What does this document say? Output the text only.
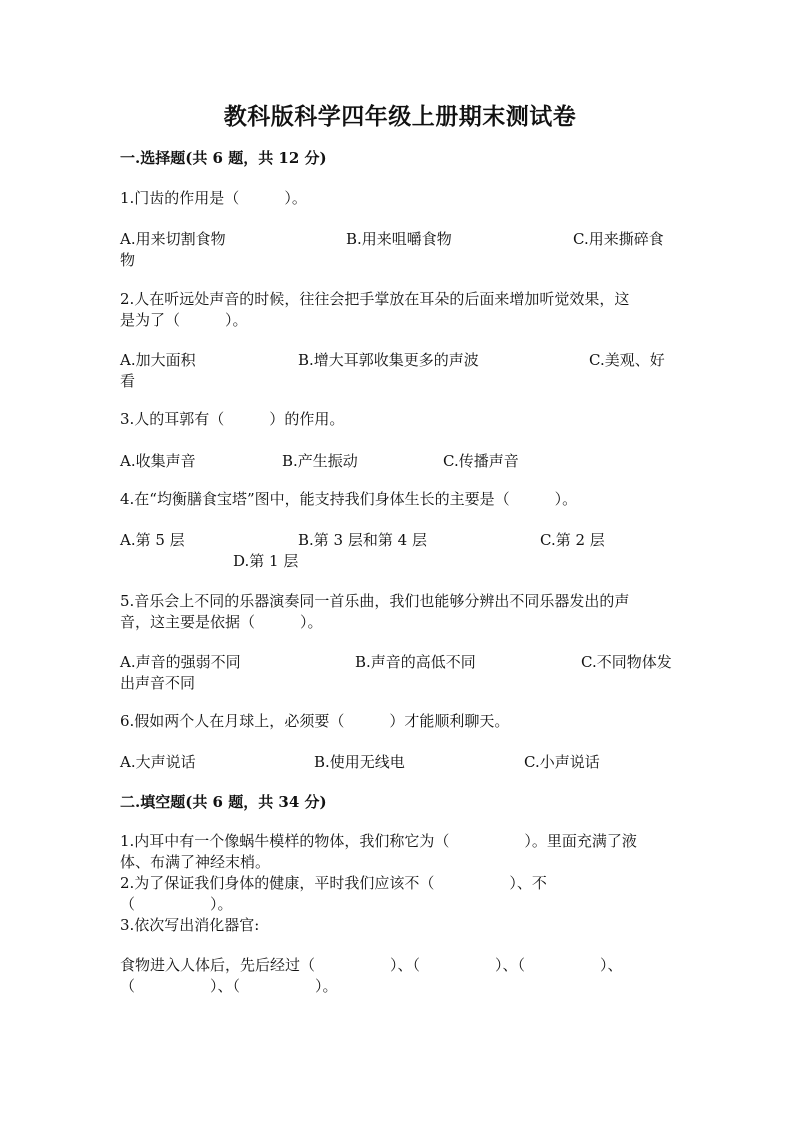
教科版科学四年级上册期末测试卷
一.选择题(共 6 题，共 12 分)
1.门齿的作用是（　　　）。
A.用来切割食物	B.用来咀嚼食物	C.用来撕碎食
物
2.人在听远处声音的时候，往往会把手掌放在耳朵的后面来增加听觉效果，这
是为了（　　　）。
A.加大面积	B.增大耳郭收集更多的声波	C.美观、好
看
3.人的耳郭有（　　　）的作用。
A.收集声音	B.产生振动	C.传播声音
4.在“均衡膳食宝塔”图中，能支持我们身体生长的主要是（　　　）。
A.第 5 层	B.第 3 层和第 4 层	C.第 2 层
D.第 1 层
5.音乐会上不同的乐器演奏同一首乐曲，我们也能够分辨出不同乐器发出的声
音，这主要是依据（　　　）。
A.声音的强弱不同	B.声音的高低不同	C.不同物体发
出声音不同
6.假如两个人在月球上，必须要（　　　）才能顺利聊天。
A.大声说话	B.使用无线电	C.小声说话
二.填空题(共 6 题，共 34 分)
1.内耳中有一个像蜗牛模样的物体，我们称它为（　　　　　）。里面充满了液
体、布满了神经末梢。
2.为了保证我们身体的健康，平时我们应该不（　　　　　）、不
（　　　　　）。
3.依次写出消化器官:
食物进入人体后，先后经过（　　　　　）、（　　　　　）、（　　　　　）、
（　　　　　）、（　　　　　）。
